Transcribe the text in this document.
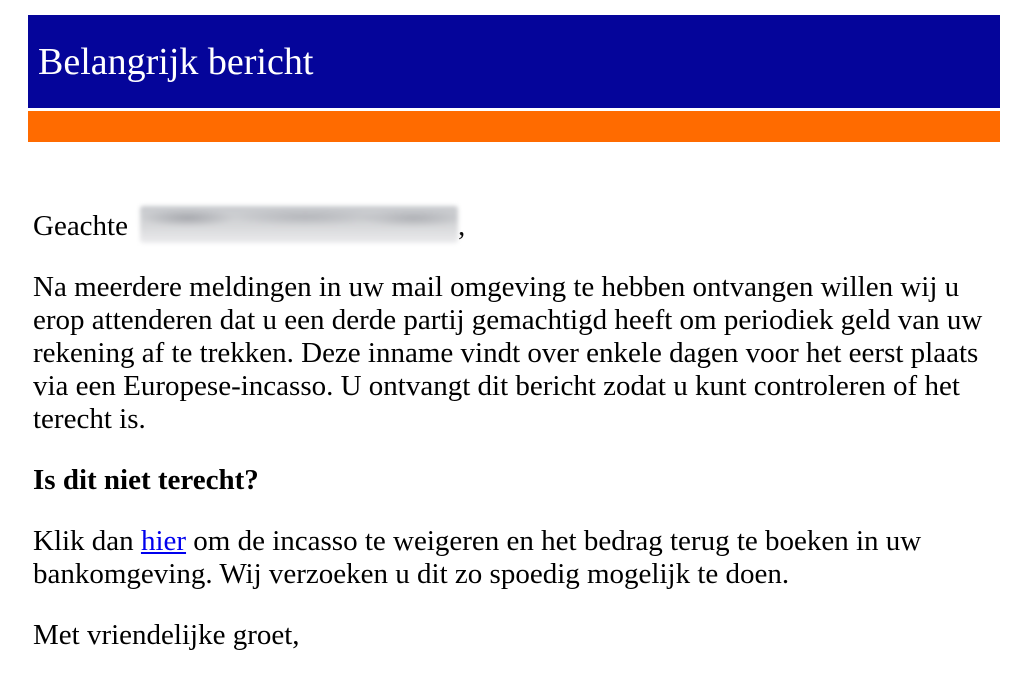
Belangrijk bericht

Geachte	,

Na meerdere meldingen in uw mail omgeving te hebben ontvangen willen wij u erop attenderen dat u een derde partij gemachtigd heeft om periodiek geld van uw rekening af te trekken. Deze inname vindt over enkele dagen voor het eerst plaats via een Europese-incasso. U ontvangt dit bericht zodat u kunt controleren of het terecht is.

Is dit niet terecht?

Klik dan hier om de incasso te weigeren en het bedrag terug te boeken in uw bankomgeving. Wij verzoeken u dit zo spoedig mogelijk te doen.

Met vriendelijke groet,
